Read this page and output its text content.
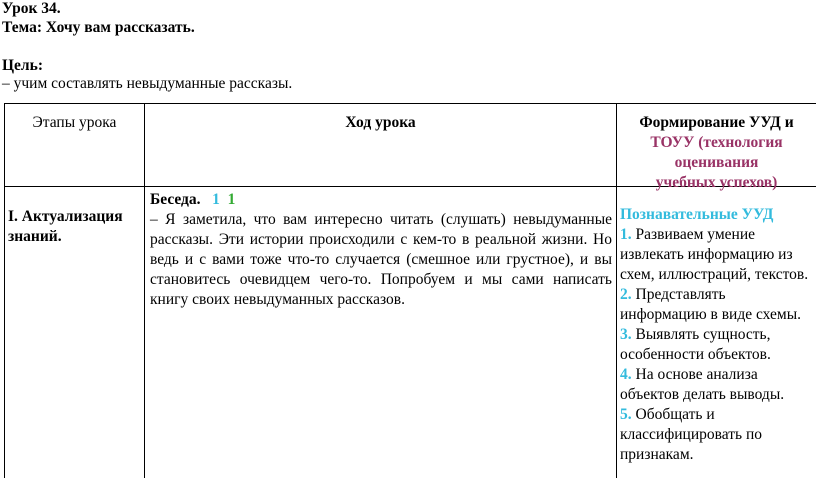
Урок 34.
Тема: Хочу вам рассказать.
Цель:
– учим составлять невыдуманные рассказы.
Этапы урока	Ход урока	Формирование УУД и
ТОУУ (технология
оценивания
учебных успехов)
I. Актуализация
знаний.
Беседа. 1 1
– Я заметила, что вам интересно читать (слушать) невыдуманные
рассказы. Эти истории происходили с кем-то в реальной жизни. Но
ведь и с вами тоже что-то случается (смешное или грустное), и вы
становитесь очевидцем чего-то. Попробуем и мы сами написать
книгу своих невыдуманных рассказов.
Познавательные УУД
1. Развиваем умение
извлекать информацию из
схем, иллюстраций, текстов.
2. Представлять
информацию в виде схемы.
3. Выявлять сущность,
особенности объектов.
4. На основе анализа
объектов делать выводы.
5. Обобщать и
классифицировать по
признакам.
